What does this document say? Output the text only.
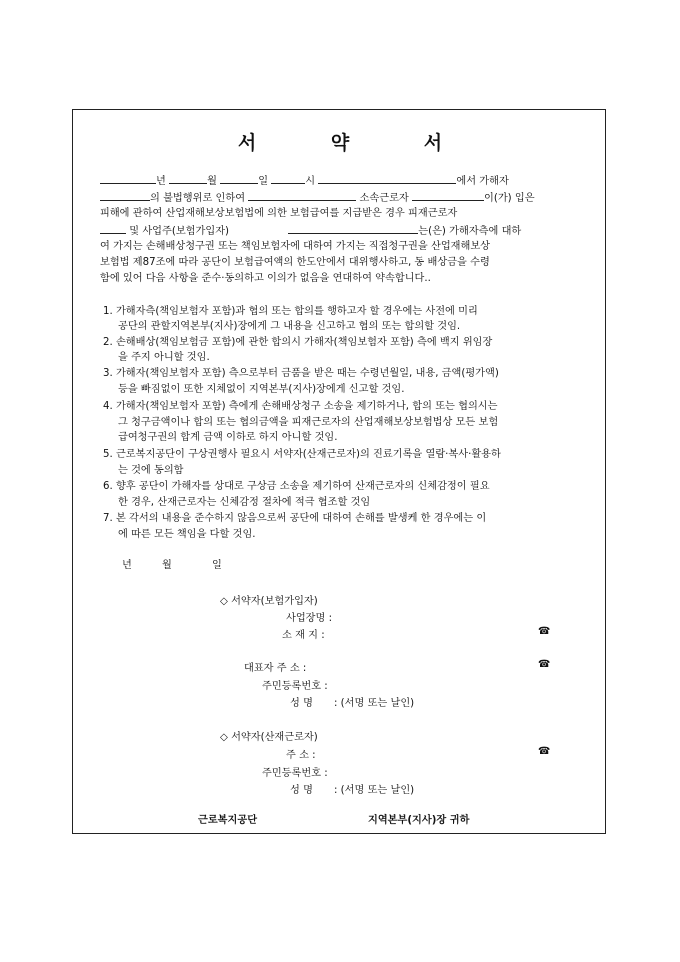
서 약 서
년	월	일	시	에서 가해자
의 불법행위로 인하여	소속근로자	이(가) 입은
피해에 관하여 산업재해보상보험법에 의한 보험급여를 지급받은 경우 피재근로자
및 사업주(보험가입자)	는(은) 가해자측에 대하
여 가지는 손해배상청구권 또는 책임보험자에 대하여 가지는 직접청구권을 산업재해보상
보험법 제87조에 따라 공단이 보험급여액의 한도안에서 대위행사하고, 동 배상금을 수령
함에 있어 다음 사항을 준수·동의하고 이의가 없음을 연대하여 약속합니다..
1. 가해자측(책임보험자 포함)과 협의 또는 합의를 행하고자 할 경우에는 사전에 미리
공단의 관할지역본부(지사)장에게 그 내용을 신고하고 협의 또는 합의할 것임.
2. 손해배상(책임보험금 포함)에 관한 합의시 가해자(책임보험자 포함) 측에 백지 위임장
을 주지 아니할 것임.
3. 가해자(책임보험자 포함) 측으로부터 금품을 받은 때는 수령년월일, 내용, 금액(평가액)
등을 빠짐없이 또한 지체없이 지역본부(지사)장에게 신고할 것임.
4. 가해자(책임보험자 포함) 측에게 손해배상청구 소송을 제기하거나, 합의 또는 협의시는
그 청구금액이나 합의 또는 협의금액을 피재근로자의 산업재해보상보험법상 모든 보험
급여청구권의 합계 금액 이하로 하지 아니할 것임.
5. 근로복지공단이 구상권행사 필요시 서약자(산재근로자)의 진료기록을 열람·복사·활용하
는 것에 동의함
6. 향후 공단이 가해자를 상대로 구상금 소송을 제기하여 산재근로자의 신체감정이 필요
한 경우, 산재근로자는 신체감정 절차에 적극 협조할 것임
7. 본 각서의 내용을 준수하지 않음으로써 공단에 대하여 손해를 발생케 한 경우에는 이
에 따른 모든 책임을 다할 것임.
년	월	일
◇ 서약자(보험가입자)
사업장명 :
소 재 지 :	☎
대표자 주 소 :	☎
주민등록번호 :
성 명 : (서명 또는 날인)
◇ 서약자(산재근로자)
주 소 :	☎
주민등록번호 :
성 명 : (서명 또는 날인)
근로복지공단	지역본부(지사)장 귀하
